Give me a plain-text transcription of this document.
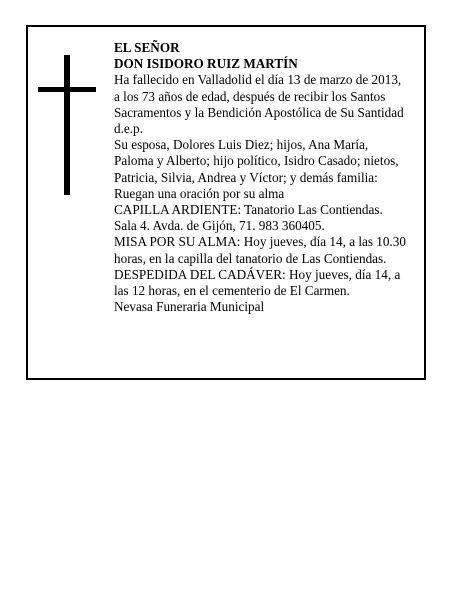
EL SEÑOR
DON ISIDORO RUIZ MARTÍN
Ha fallecido en Valladolid el día 13 de marzo de 2013,
a los 73 años de edad, después de recibir los Santos
Sacramentos y la Bendición Apostólica de Su Santidad
d.e.p.
Su esposa, Dolores Luis Diez; hijos, Ana María,
Paloma y Alberto; hijo político, Isidro Casado; nietos,
Patricia, Silvia, Andrea y Víctor; y demás familia:
Ruegan una oración por su alma
CAPILLA ARDIENTE: Tanatorio Las Contiendas.
Sala 4. Avda. de Gijón, 71. 983 360405.
MISA POR SU ALMA: Hoy jueves, día 14, a las 10.30
horas, en la capilla del tanatorio de Las Contiendas.
DESPEDIDA DEL CADÁVER: Hoy jueves, día 14, a
las 12 horas, en el cementerio de El Carmen.
Nevasa Funeraria Municipal
